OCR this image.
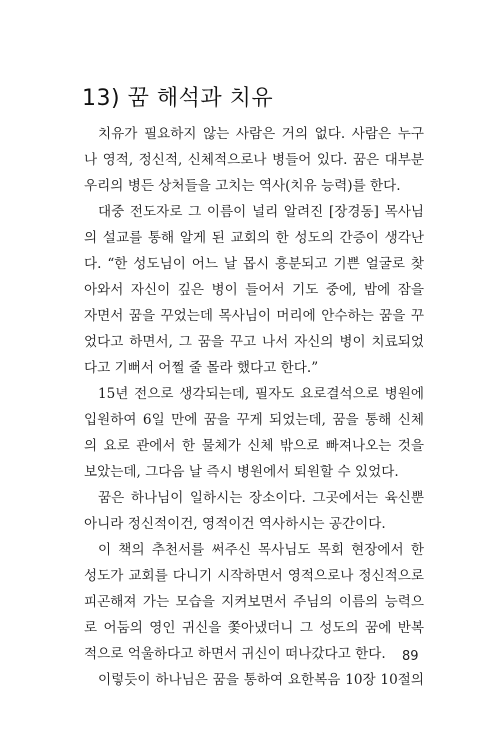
13) 꿈 해석과 치유
치유가 필요하지 않는 사람은 거의 없다. 사람은 누구
나 영적, 정신적, 신체적으로나 병들어 있다. 꿈은 대부분
우리의 병든 상처들을 고치는 역사(치유 능력)를 한다.
대중 전도자로 그 이름이 널리 알려진 [장경동] 목사님
의 설교를 통해 알게 된 교회의 한 성도의 간증이 생각난
다. “한 성도님이 어느 날 몹시 흥분되고 기쁜 얼굴로 찾
아와서 자신이 깊은 병이 들어서 기도 중에, 밤에 잠을
자면서 꿈을 꾸었는데 목사님이 머리에 안수하는 꿈을 꾸
었다고 하면서, 그 꿈을 꾸고 나서 자신의 병이 치료되었
다고 기뻐서 어쩔 줄 몰라 했다고 한다.”
15년 전으로 생각되는데, 필자도 요로결석으로 병원에
입원하여 6일 만에 꿈을 꾸게 되었는데, 꿈을 통해 신체
의 요로 관에서 한 물체가 신체 밖으로 빠져나오는 것을
보았는데, 그다음 날 즉시 병원에서 퇴원할 수 있었다.
꿈은 하나님이 일하시는 장소이다. 그곳에서는 육신뿐
아니라 정신적이건, 영적이건 역사하시는 공간이다.
이 책의 추천서를 써주신 목사님도 목회 현장에서 한
성도가 교회를 다니기 시작하면서 영적으로나 정신적으로
피곤해져 가는 모습을 지켜보면서 주님의 이름의 능력으
로 어둠의 영인 귀신을 쫓아냈더니 그 성도의 꿈에 반복
적으로 억울하다고 하면서 귀신이 떠나갔다고 한다.
이렇듯이 하나님은 꿈을 통하여 요한복음 10장 10절의
89
